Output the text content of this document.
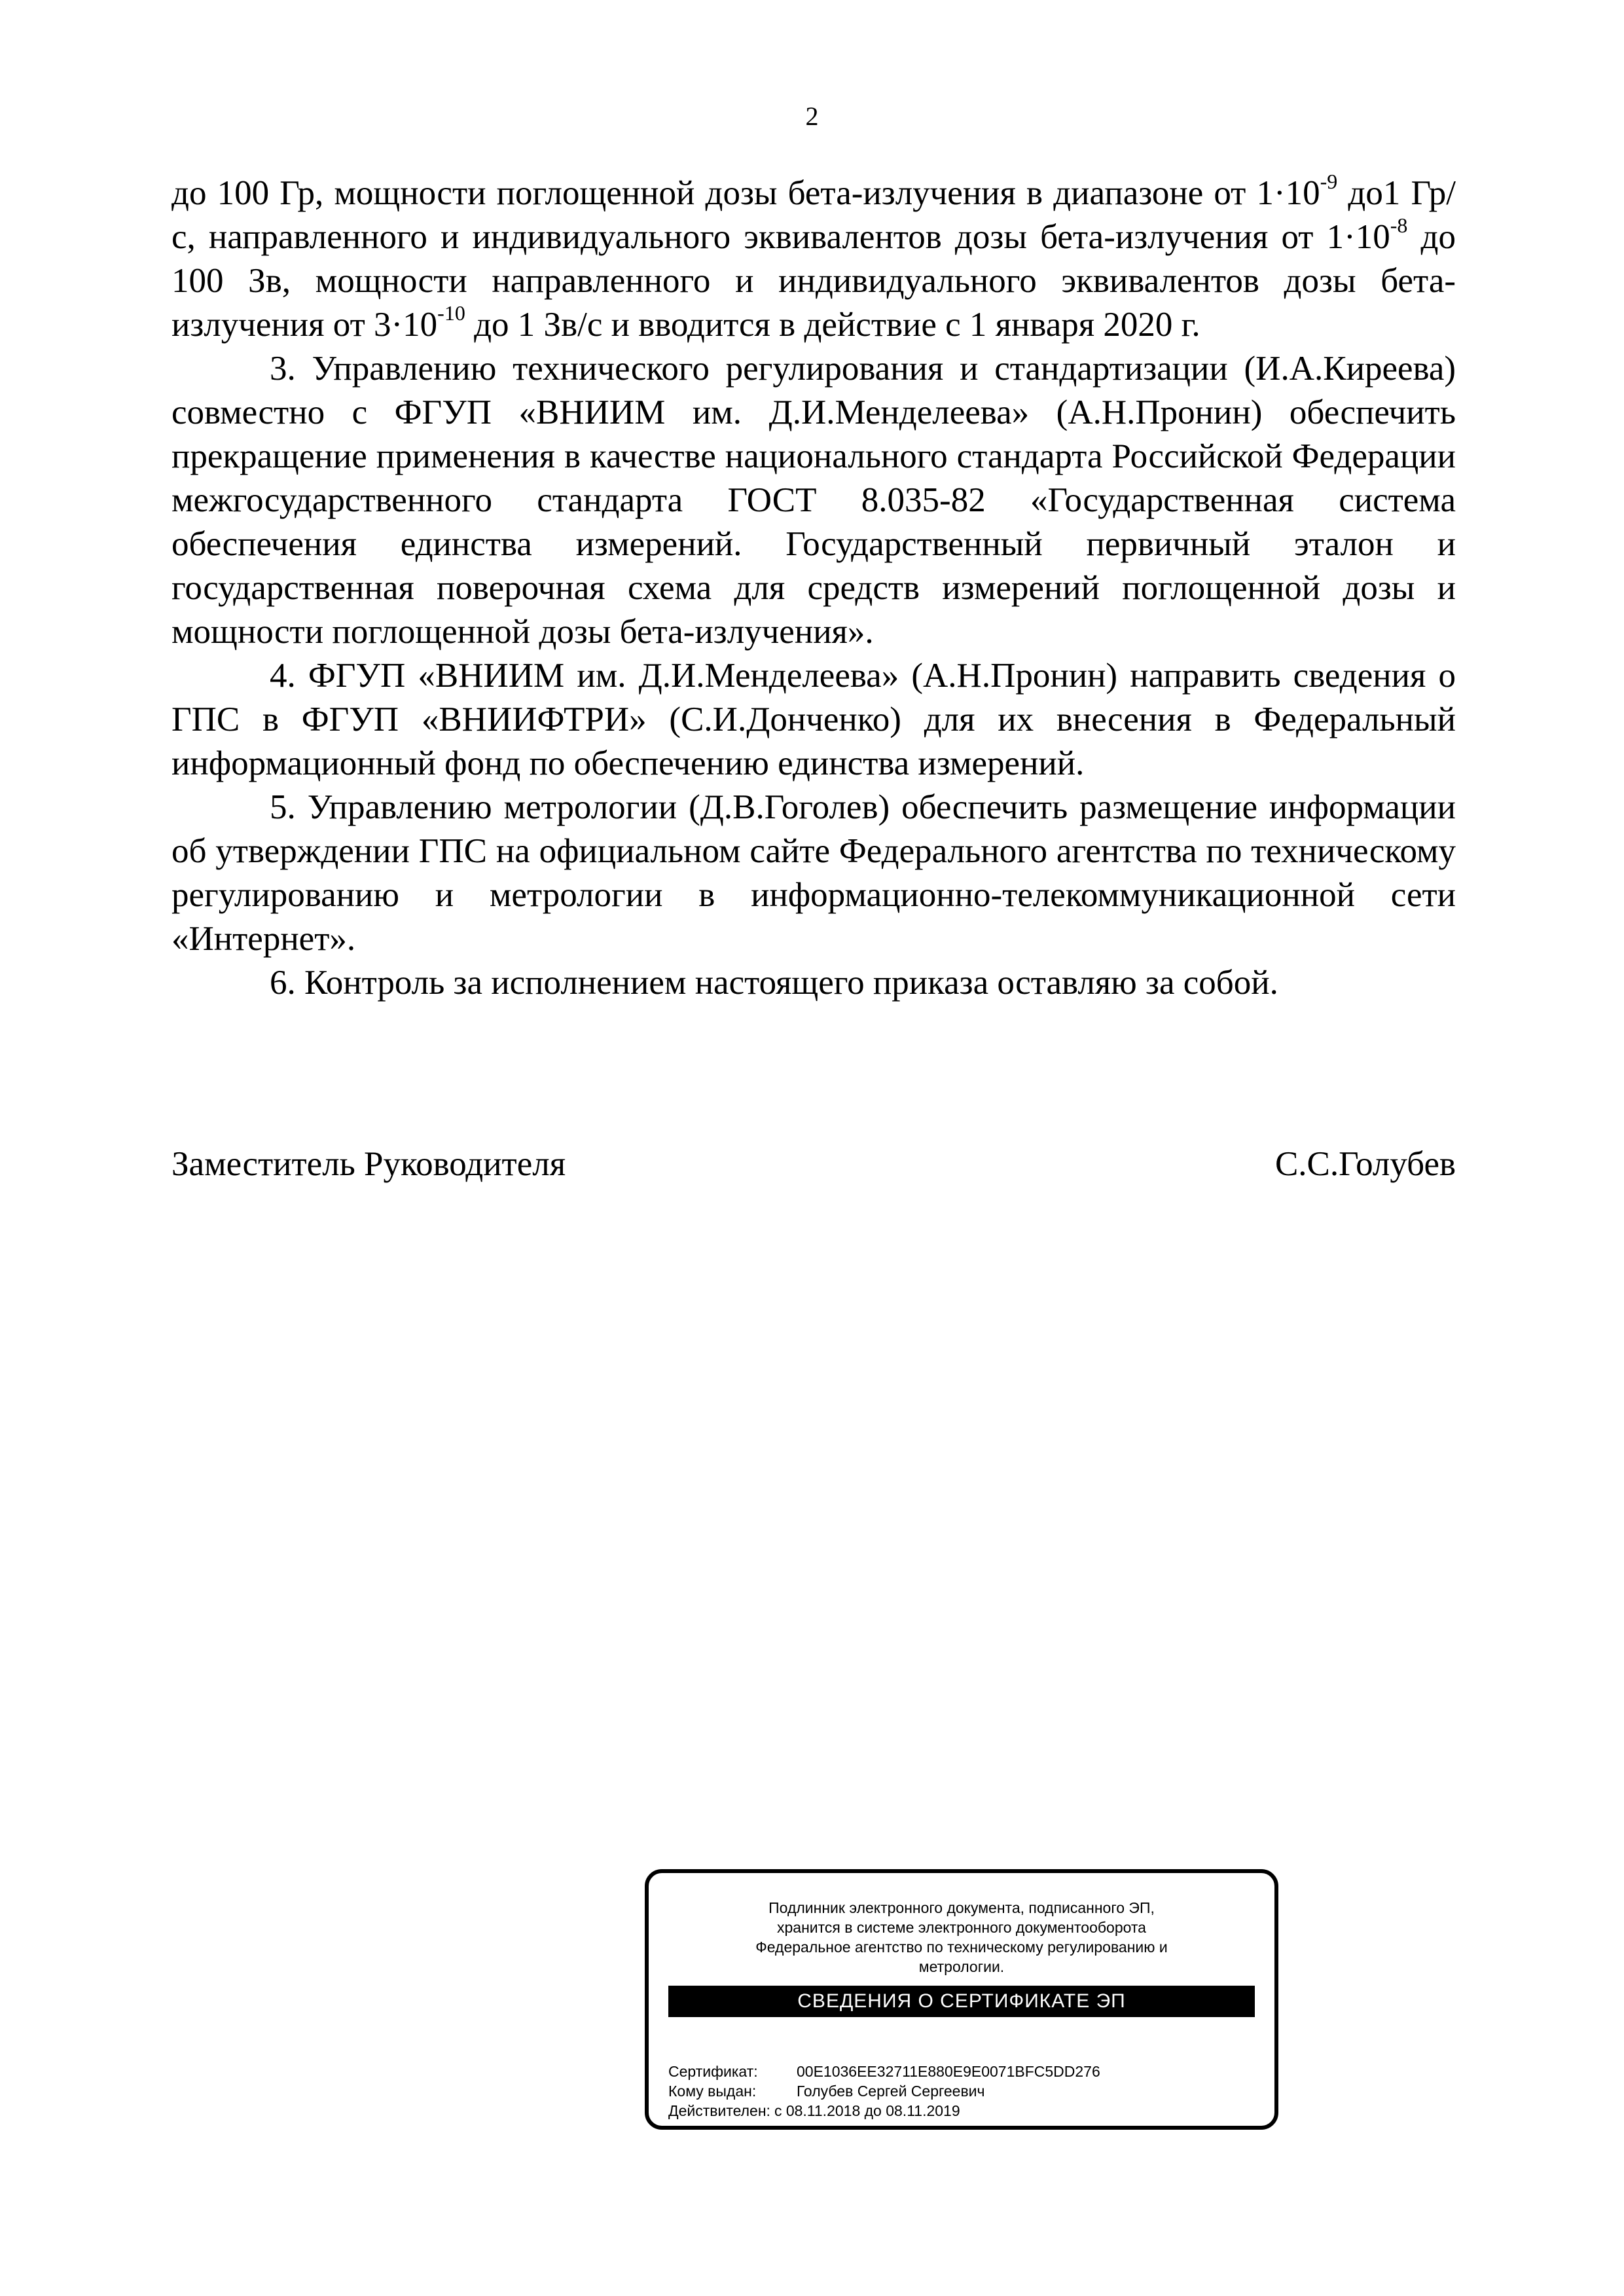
2

до 100 Гр, мощности поглощенной дозы бета-излучения в диапазоне от $1\cdot 10^{-9}$ до1 Гр/с, направленного и индивидуального эквивалентов дозы бета-излучения от $1\cdot 10^{-8}$ до 100 Зв, мощности направленного и индивидуального эквивалентов дозы бета-излучения от $3\cdot 10^{-10}$ до 1 Зв/с и вводится в действие с 1 января 2020 г.

3. Управлению технического регулирования и стандартизации (И.А.Киреева) совместно с ФГУП «ВНИИМ им. Д.И.Менделеева» (А.Н.Пронин) обеспечить прекращение применения в качестве национального стандарта Российской Федерации межгосударственного стандарта ГОСТ 8.035-82 «Государственная система обеспечения единства измерений. Государственный первичный эталон и государственная поверочная схема для средств измерений поглощенной дозы и мощности поглощенной дозы бета-излучения».

4. ФГУП «ВНИИМ им. Д.И.Менделеева» (А.Н.Пронин) направить сведения о ГПС в ФГУП «ВНИИФТРИ» (С.И.Донченко) для их внесения в Федеральный информационный фонд по обеспечению единства измерений.

5. Управлению метрологии (Д.В.Гоголев) обеспечить размещение информации об утверждении ГПС на официальном сайте Федерального агентства по техническому регулированию и метрологии в информационно-телекоммуникационной сети «Интернет».

6. Контроль за исполнением настоящего приказа оставляю за собой.

Заместитель Руководителя	С.С.Голубев
Подлинник электронного документа, подписанного ЭП,
хранится в системе электронного документооборота
Федеральное агентство по техническому регулированию и
метрологии.
СВЕДЕНИЯ О СЕРТИФИКАТЕ ЭП
Сертификат:	00E1036EE32711E880E9E0071BFC5DD276
Кому выдан:	Голубев Сергей Сергеевич
Действителен: с 08.11.2018 до 08.11.2019
